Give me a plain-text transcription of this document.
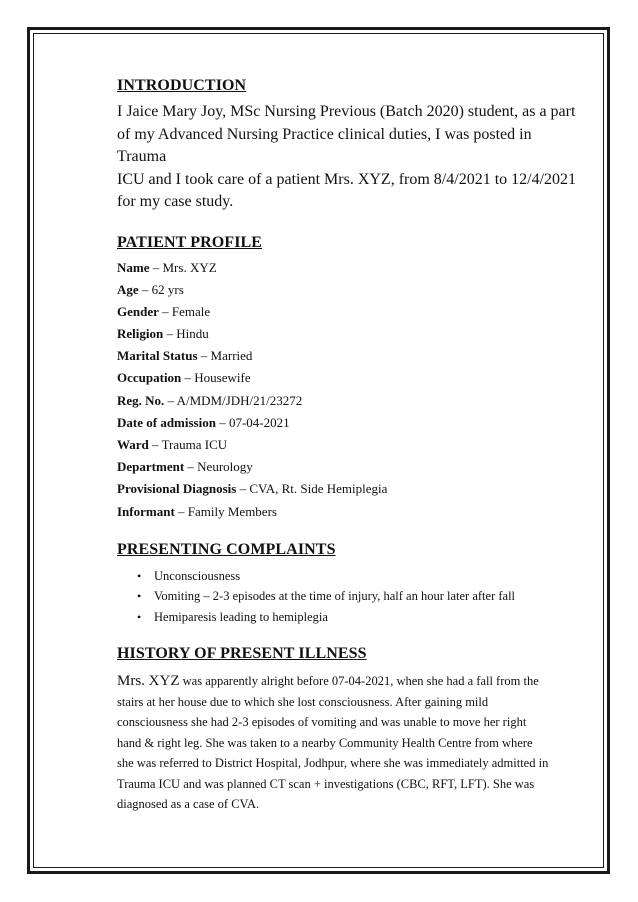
INTRODUCTION

I Jaice Mary Joy, MSc Nursing Previous (Batch 2020) student, as a part
of my Advanced Nursing Practice clinical duties, I was posted in Trauma
ICU and I took care of a patient Mrs. XYZ, from 8/4/2021 to 12/4/2021
for my case study.

PATIENT PROFILE
Name – Mrs. XYZ
Age – 62 yrs
Gender – Female
Religion – Hindu
Marital Status – Married
Occupation – Housewife
Reg. No. – A/MDM/JDH/21/23272
Date of admission – 07-04-2021
Ward – Trauma ICU
Department – Neurology
Provisional Diagnosis – CVA, Rt. Side Hemiplegia
Informant – Family Members
PRESENTING COMPLAINTS
• Unconsciousness
• Vomiting – 2-3 episodes at the time of injury, half an hour later after fall
• Hemiparesis leading to hemiplegia
HISTORY OF PRESENT ILLNESS

Mrs. XYZ was apparently alright before 07-04-2021, when she had a fall from the
stairs at her house due to which she lost consciousness. After gaining mild
consciousness she had 2-3 episodes of vomiting and was unable to move her right
hand & right leg. She was taken to a nearby Community Health Centre from where
she was referred to District Hospital, Jodhpur, where she was immediately admitted in
Trauma ICU and was planned CT scan + investigations (CBC, RFT, LFT). She was
diagnosed as a case of CVA.
